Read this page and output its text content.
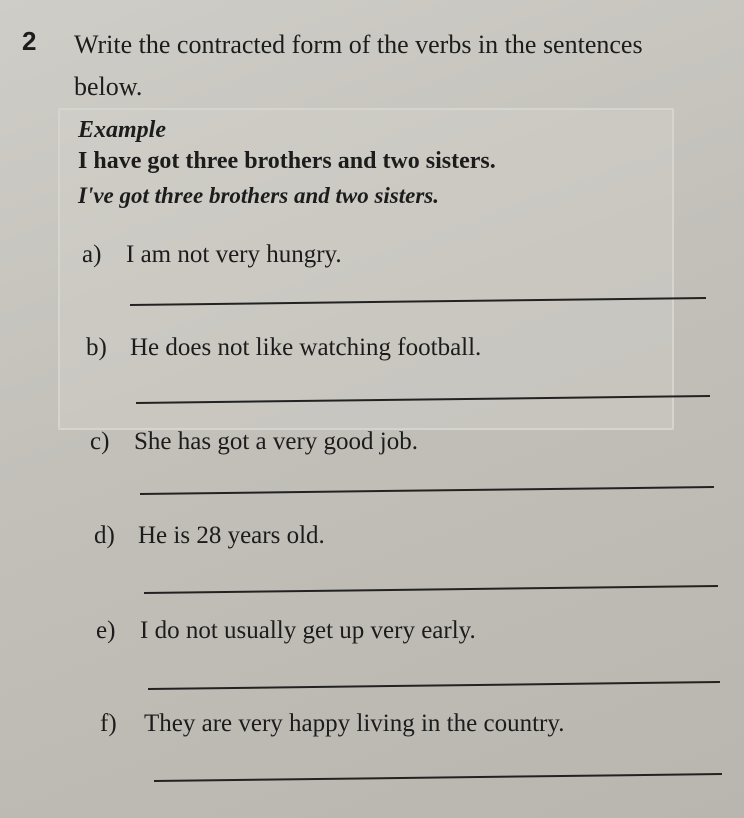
2 Write the contracted form of the verbs in the sentences below.
Example
I have got three brothers and two sisters.
I've got three brothers and two sisters.
a) I am not very hungry.
b) He does not like watching football.
c) She has got a very good job.
d) He is 28 years old.
e) I do not usually get up very early.
f) They are very happy living in the country.
